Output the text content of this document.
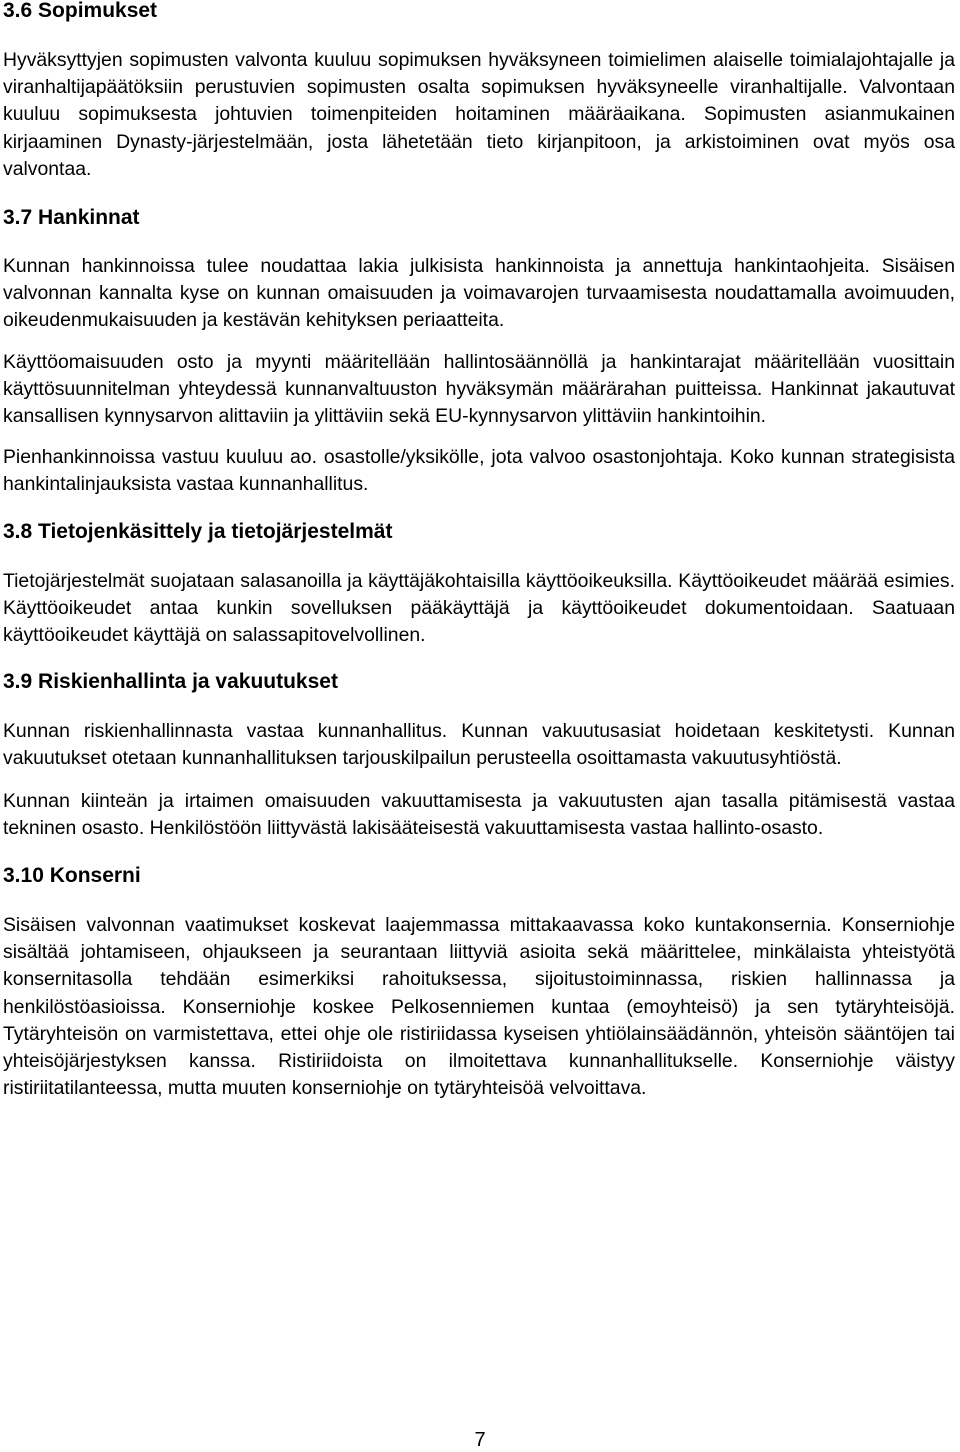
3.6 Sopimukset

Hyväksyttyjen sopimusten valvonta kuuluu sopimuksen hyväksyneen toimielimen alaiselle toimialajohtajalle ja viranhaltijapäätöksiin perustuvien sopimusten osalta sopimuksen hyväksyneelle viranhaltijalle. Valvontaan kuuluu sopimuksesta johtuvien toimenpiteiden hoitaminen määräaikana. Sopimusten asianmukainen kirjaaminen Dynasty-järjestelmään, josta lähetetään tieto kirjanpitoon, ja arkistoiminen ovat myös osa valvontaa.

3.7 Hankinnat

Kunnan hankinnoissa tulee noudattaa lakia julkisista hankinnoista ja annettuja hankintaohjeita. Sisäisen valvonnan kannalta kyse on kunnan omaisuuden ja voimavarojen turvaamisesta noudattamalla avoimuuden, oikeudenmukaisuuden ja kestävän kehityksen periaatteita.

Käyttöomaisuuden osto ja myynti määritellään hallintosäännöllä ja hankintarajat määritellään vuosittain käyttösuunnitelman yhteydessä kunnanvaltuuston hyväksymän määrärahan puitteissa. Hankinnat jakautuvat kansallisen kynnysarvon alittaviin ja ylittäviin sekä EU-kynnysarvon ylittäviin hankintoihin.

Pienhankinnoissa vastuu kuuluu ao. osastolle/yksikölle, jota valvoo osastonjohtaja. Koko kunnan strategisista hankintalinjauksista vastaa kunnanhallitus.

3.8 Tietojenkäsittely ja tietojärjestelmät

Tietojärjestelmät suojataan salasanoilla ja käyttäjäkohtaisilla käyttöoikeuksilla. Käyttöoikeudet määrää esimies. Käyttöoikeudet antaa kunkin sovelluksen pääkäyttäjä ja käyttöoikeudet dokumentoidaan. Saatuaan käyttöoikeudet käyttäjä on salassapitovelvollinen.

3.9 Riskienhallinta ja vakuutukset

Kunnan riskienhallinnasta vastaa kunnanhallitus. Kunnan vakuutusasiat hoidetaan keskitetysti. Kunnan vakuutukset otetaan kunnanhallituksen tarjouskilpailun perusteella osoittamasta vakuutusyhtiöstä.

Kunnan kiinteän ja irtaimen omaisuuden vakuuttamisesta ja vakuutusten ajan tasalla pitämisestä vastaa tekninen osasto. Henkilöstöön liittyvästä lakisääteisestä vakuuttamisesta vastaa hallinto-osasto.

3.10 Konserni

Sisäisen valvonnan vaatimukset koskevat laajemmassa mittakaavassa koko kuntakonsernia. Konserniohje sisältää johtamiseen, ohjaukseen ja seurantaan liittyviä asioita sekä määrittelee, minkälaista yhteistyötä konsernitasolla tehdään esimerkiksi rahoituksessa, sijoitustoiminnassa, riskien hallinnassa ja henkilöstöasioissa. Konserniohje koskee Pelkosenniemen kuntaa (emoyhteisö) ja sen tytäryhteisöjä. Tytäryhteisön on varmistettava, ettei ohje ole ristiriidassa kyseisen yhtiölainsäädännön, yhteisön sääntöjen tai yhteisöjärjestyksen kanssa. Ristiriidoista on ilmoitettava kunnanhallitukselle. Konserniohje väistyy ristiriitatilanteessa, mutta muuten konserniohje on tytäryhteisöä velvoittava.

7
